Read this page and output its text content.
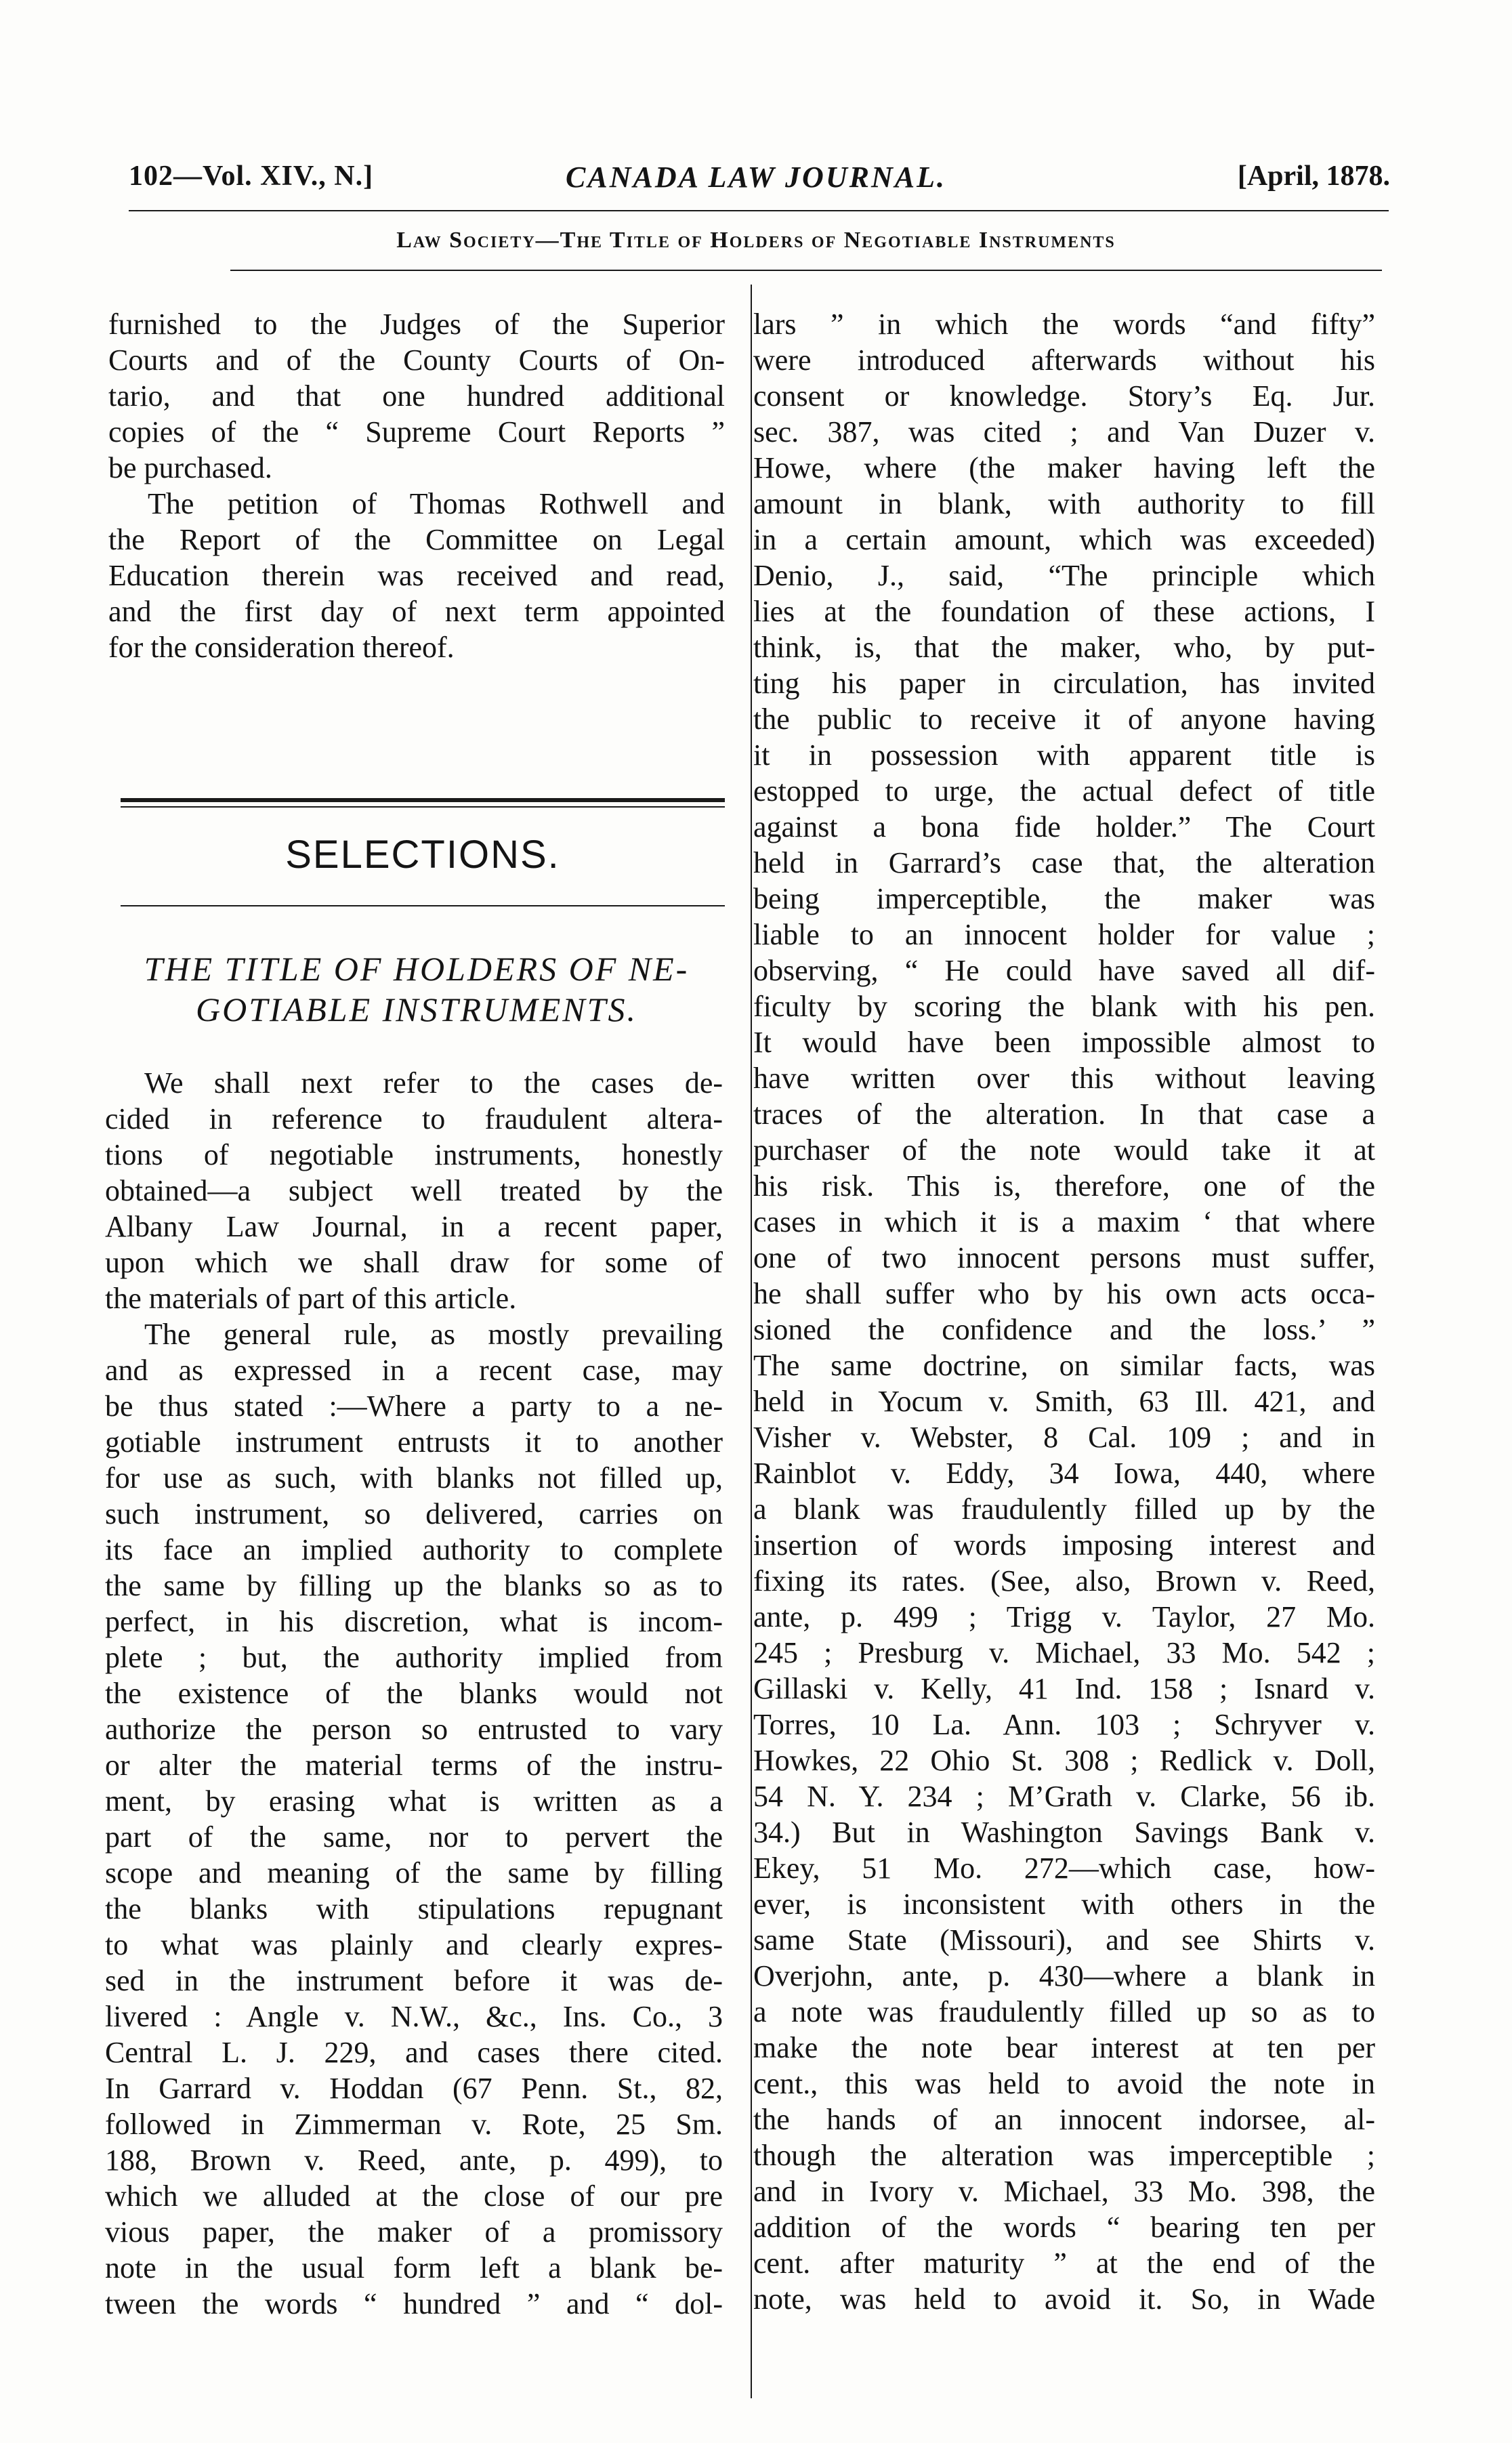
102—Vol. XIV., N.]	CANADA LAW JOURNAL.	[April, 1878.
Law Society—The Title of Holders of Negotiable Instruments
furnished to the Judges of the Superior
Courts and of the County Courts of On-
tario, and that one hundred additional
copies of the “ Supreme Court Reports ”
be purchased.
The petition of Thomas Rothwell and
the Report of the Committee on Legal
Education therein was received and read,
and the first day of next term appointed
for the consideration thereof.
SELECTIONS.
THE TITLE OF HOLDERS OF NE-
GOTIABLE INSTRUMENTS.
We shall next refer to the cases de-
cided in reference to fraudulent altera-
tions of negotiable instruments, honestly
obtained—a subject well treated by the
Albany Law Journal, in a recent paper,
upon which we shall draw for some of
the materials of part of this article.
The general rule, as mostly prevailing
and as expressed in a recent case, may
be thus stated :—Where a party to a ne-
gotiable instrument entrusts it to another
for use as such, with blanks not filled up,
such instrument, so delivered, carries on
its face an implied authority to complete
the same by filling up the blanks so as to
perfect, in his discretion, what is incom-
plete ; but, the authority implied from
the existence of the blanks would not
authorize the person so entrusted to vary
or alter the material terms of the instru-
ment, by erasing what is written as a
part of the same, nor to pervert the
scope and meaning of the same by filling
the blanks with stipulations repugnant
to what was plainly and clearly expres-
sed in the instrument before it was de-
livered : Angle v. N.W., &c., Ins. Co., 3
Central L. J. 229, and cases there cited.
In Garrard v. Hoddan (67 Penn. St., 82,
followed in Zimmerman v. Rote, 25 Sm.
188, Brown v. Reed, ante, p. 499), to
which we alluded at the close of our pre
vious paper, the maker of a promissory
note in the usual form left a blank be-
tween the words “ hundred ” and “ dol-
lars ” in which the words “and fifty”
were introduced afterwards without his
consent or knowledge. Story’s Eq. Jur.
sec. 387, was cited ; and Van Duzer v.
Howe, where (the maker having left the
amount in blank, with authority to fill
in a certain amount, which was exceeded)
Denio, J., said, “The principle which
lies at the foundation of these actions, I
think, is, that the maker, who, by put-
ting his paper in circulation, has invited
the public to receive it of anyone having
it in possession with apparent title is
estopped to urge, the actual defect of title
against a bona fide holder.” The Court
held in Garrard’s case that, the alteration
being imperceptible, the maker was
liable to an innocent holder for value ;
observing, “ He could have saved all dif-
ficulty by scoring the blank with his pen.
It would have been impossible almost to
have written over this without leaving
traces of the alteration. In that case a
purchaser of the note would take it at
his risk. This is, therefore, one of the
cases in which it is a maxim ‘ that where
one of two innocent persons must suffer,
he shall suffer who by his own acts occa-
sioned the confidence and the loss.’ ”
The same doctrine, on similar facts, was
held in Yocum v. Smith, 63 Ill. 421, and
Visher v. Webster, 8 Cal. 109 ; and in
Rainblot v. Eddy, 34 Iowa, 440, where
a blank was fraudulently filled up by the
insertion of words imposing interest and
fixing its rates. (See, also, Brown v. Reed,
ante, p. 499 ; Trigg v. Taylor, 27 Mo.
245 ; Presburg v. Michael, 33 Mo. 542 ;
Gillaski v. Kelly, 41 Ind. 158 ; Isnard v.
Torres, 10 La. Ann. 103 ; Schryver v.
Howkes, 22 Ohio St. 308 ; Redlick v. Doll,
54 N. Y. 234 ; M’Grath v. Clarke, 56 ib.
34.) But in Washington Savings Bank v.
Ekey, 51 Mo. 272—which case, how-
ever, is inconsistent with others in the
same State (Missouri), and see Shirts v.
Overjohn, ante, p. 430—where a blank in
a note was fraudulently filled up so as to
make the note bear interest at ten per
cent., this was held to avoid the note in
the hands of an innocent indorsee, al-
though the alteration was imperceptible ;
and in Ivory v. Michael, 33 Mo. 398, the
addition of the words “ bearing ten per
cent. after maturity ” at the end of the
note, was held to avoid it. So, in Wade
